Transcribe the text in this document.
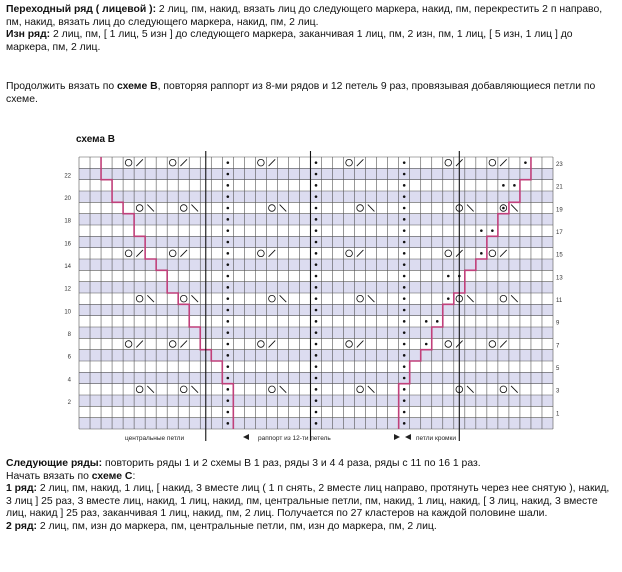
Переходный ряд ( лицевой ): 2 лиц, пм, накид, вязать лиц до следующего маркера, накид, пм, перекрестить 2 п направо, пм, накид, вязать лиц до следующего маркера, накид, пм, 2 лиц.
Изн ряд: 2 лиц, пм, [ 1 лиц, 5 изн ] до следующего маркера, заканчивая 1 лиц, пм, 2 изн, пм, 1 лиц, [ 5 изн, 1 лиц ] до маркера, пм, 2 лиц.
Продолжить вязать по схеме В, повторяя раппорт из 8-ми рядов и 12 петель 9 раз, провязывая добавляющиеся петли по схеме.
схема В
22
20
18
16
14
12
10
8
6
4
2
23
21
19
17
15
13
11
9
7
5
3
1
центральные петли	раппорт из 12-ти петель	петли кромки
Следующие ряды: повторить ряды 1 и 2 схемы В 1 раз, ряды 3 и 4 4 раза, ряды с 11 по 16 1 раз.
Начать вязать по схеме С:
1 ряд: 2 лиц, пм, накид, 1 лиц, [ накид, 3 вместе лиц ( 1 п снять, 2 вместе лиц направо, протянуть через нее снятую ), накид, 3 лиц ] 25 раз, 3 вместе лиц, накид, 1 лиц, накид, пм, центральные петли, пм, накид, 1 лиц, накид, [ 3 лиц, накид, 3 вместе лиц, накид ] 25 раз, заканчивая 1 лиц, накид, пм, 2 лиц. Получается по 27 кластеров на каждой половине шали.
2 ряд: 2 лиц, пм, изн до маркера, пм, центральные петли, пм, изн до маркера, пм, 2 лиц.
